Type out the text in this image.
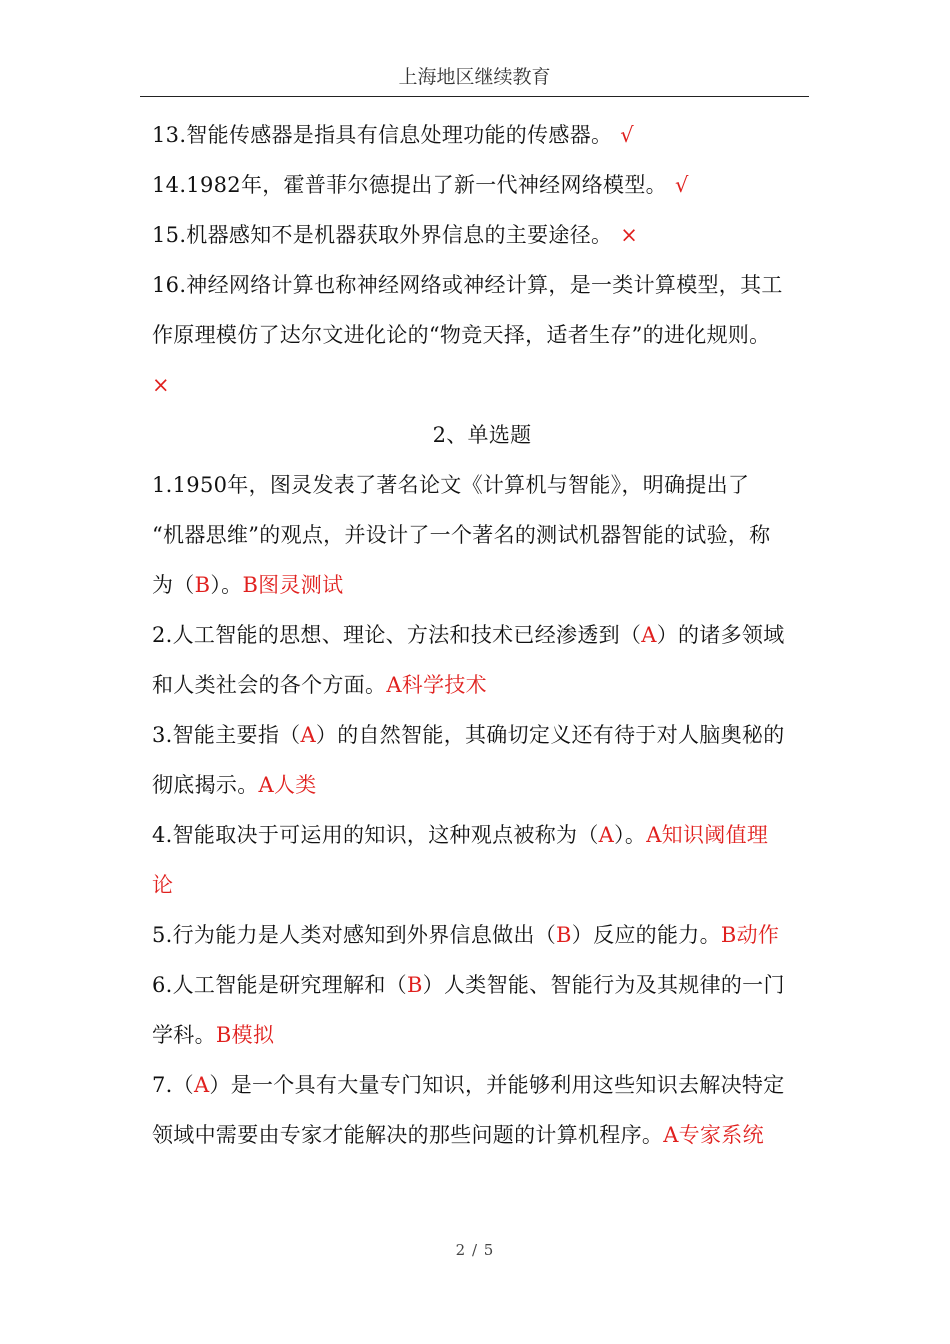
上海地区继续教育
13.智能传感器是指具有信息处理功能的传感器。 √
14.1982年，霍普菲尔德提出了新一代神经网络模型。 √
15.机器感知不是机器获取外界信息的主要途径。 ×
16.神经网络计算也称神经网络或神经计算，是一类计算模型，其工
作原理模仿了达尔文进化论的“物竞天择，适者生存”的进化规则。
×
2、单选题
1.1950年，图灵发表了著名论文《计算机与智能》，明确提出了
“机器思维”的观点，并设计了一个著名的测试机器智能的试验，称
为（B）。B图灵测试
2.人工智能的思想、理论、方法和技术已经渗透到（A）的诸多领域
和人类社会的各个方面。A科学技术
3.智能主要指（A）的自然智能，其确切定义还有待于对人脑奥秘的
彻底揭示。A人类
4.智能取决于可运用的知识，这种观点被称为（A）。A知识阈值理
论
5.行为能力是人类对感知到外界信息做出（B）反应的能力。B动作
6.人工智能是研究理解和（B）人类智能、智能行为及其规律的一门
学科。B模拟
7.（A）是一个具有大量专门知识，并能够利用这些知识去解决特定
领域中需要由专家才能解决的那些问题的计算机程序。A专家系统
2 / 5
